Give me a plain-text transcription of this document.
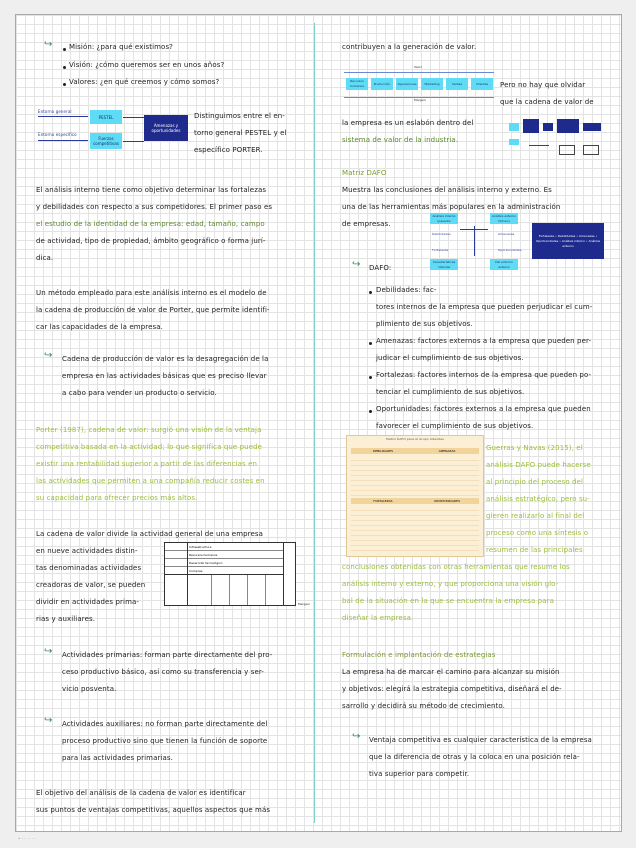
↪ Misión: ¿para qué existimos?
Visión: ¿cómo queremos ser en unos años?
Valores: ¿en qué creemos y cómo somos?
Entorno general
Entorno específico
PESTEL
Fuerzas competitivas
Amenazas y oportunidades
Distinguimos entre el en-
torno general PESTEL y el
específico PORTER.
El análisis interno tiene como objetivo determinar las fortalezas
y debilidades con respecto a sus competidores. El primer paso es
el estudio de la identidad de la empresa: edad, tamaño, campo
de actividad, tipo de propiedad, ámbito geográfico o forma jurí-
dica.
Un método empleado para este análisis interno es el modelo de
la cadena de producción de valor de Porter, que permite identifi-
car las capacidades de la empresa.
↪ Cadena de producción de valor es la desagregación de la
empresa en las actividades básicas que es preciso llevar
a cabo para vender un producto o servicio.
Porter (1987), cadena de valor: surgió una visión de la ventaja
competitiva basada en la actividad; lo que significa que puede
existir una rentabilidad superior a partir de las diferencias en
las actividades que permiten a una compañía reducir costes en
su capacidad para ofrecer precios más altos.
La cadena de valor divide la actividad general de una empresa
en nueve actividades distin-
tas denominadas actividades
creadoras de valor, se pueden
dividir en actividades prima-
rias y auxiliares.
Infraestructura
Recursos humanos
Desarrollo tecnológico
Compras
Margen
↪ Actividades primarias: forman parte directamente del pro-
ceso productivo básico, así como su transferencia y ser-
vicio posventa.
↪ Actividades auxiliares: no forman parte directamente del
proceso productivo sino que tienen la función de soporte
para las actividades primarias.
El objetivo del análisis de la cadena de valor es identificar
sus puntos de ventajas competitivas, aquellos aspectos que más
contribuyen a la generación de valor.
Valor
Recursos humanos
Producción	Operaciones	Marketing	Ventas	Clientes
Margen
Pero no hay que olvidar
que la cadena de valor de
la empresa es un eslabón dentro del
sistema de valor de la industria.
Matriz DAFO
Muestra las conclusiones del análisis interno y externo. Es
una de las herramientas más populares en la administración
de empresas.
Análisis interno (pasado)
Análisis externo (futuro)
Debilidades	Amenazas
Fortalezas	Oportunidades
Características internas
Del entorno externo
Fortalezas • Debilidades • Amenazas • Oportunidades • Análisis interno • Análisis externo
↪ DAFO:
Debilidades: fac-
tores internos de la empresa que pueden perjudicar el cum-
plimiento de sus objetivos.
Amenazas: factores externos a la empresa que pueden per-
judicar el cumplimiento de sus objetivos.
Fortalezas: factores internos de la empresa que pueden po-
tenciar el cumplimiento de sus objetivos.
Oportunidades: factores externos a la empresa que pueden
favorecer el cumplimiento de sus objetivos.
Matriz DAFO para el Grupo Sibaritas
DEBILIDADES	AMENAZAS
FORTALEZAS	OPORTUNIDADES
Guerras y Navas (2015), el
análisis DAFO puede hacerse
al principio del proceso del
análisis estratégico, pero su-
gieren realizarlo al final del
proceso como una síntesis o
resumen de las principales
conclusiones obtenidas con otras herramientas que resume los
análisis interno y externo, y que proporciona una visión glo-
bal de la situación en la que se encuentra la empresa para
diseñar la empresa.
Formulación e implantación de estrategias
La empresa ha de marcar el camino para alcanzar su misión
y objetivos: elegirá la estrategia competitiva, diseñará el de-
sarrollo y decidirá su método de crecimiento.
↪ Ventaja competitiva es cualquier característica de la empresa
que la diferencia de otras y la coloca en una posición rela-
tiva superior para competir.
• · · · · · ·
